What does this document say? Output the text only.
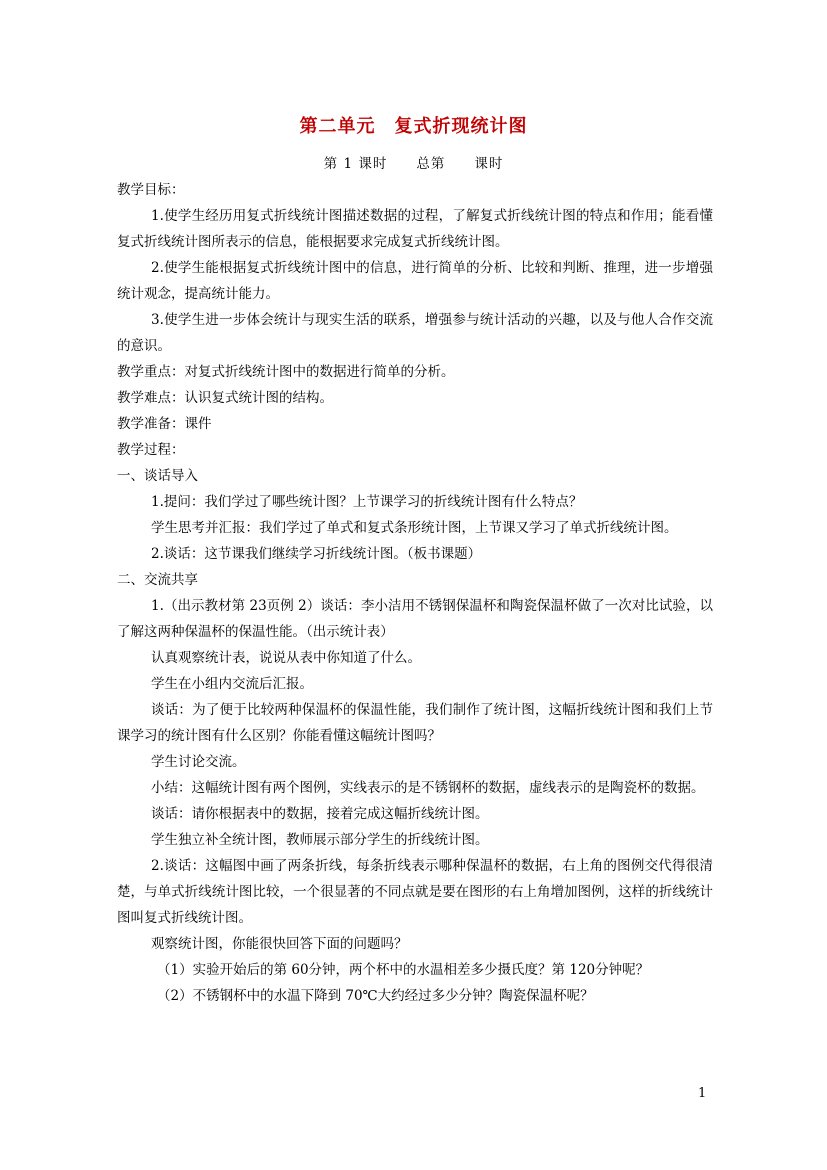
第二单元　复式折现统计图
第 1 课时　　总第　　课时

教学目标：

1.使学生经历用复式折线统计图描述数据的过程，了解复式折线统计图的特点和作用；能看懂复式折线统计图所表示的信息，能根据要求完成复式折线统计图。

2.使学生能根据复式折线统计图中的信息，进行简单的分析、比较和判断、推理，进一步增强统计观念，提高统计能力。

3.使学生进一步体会统计与现实生活的联系，增强参与统计活动的兴趣，以及与他人合作交流的意识。

教学重点：对复式折线统计图中的数据进行简单的分析。

教学难点：认识复式统计图的结构。

教学准备：课件

教学过程：

一、谈话导入

1.提问：我们学过了哪些统计图？上节课学习的折线统计图有什么特点？

学生思考并汇报：我们学过了单式和复式条形统计图，上节课又学习了单式折线统计图。

2.谈话：这节课我们继续学习折线统计图。（板书课题）

二、交流共享

1.（出示教材第 23页例 2）谈话：李小洁用不锈钢保温杯和陶瓷保温杯做了一次对比试验，以了解这两种保温杯的保温性能。（出示统计表）

认真观察统计表，说说从表中你知道了什么。

学生在小组内交流后汇报。

谈话：为了便于比较两种保温杯的保温性能，我们制作了统计图，这幅折线统计图和我们上节课学习的统计图有什么区别？你能看懂这幅统计图吗？

学生讨论交流。

小结：这幅统计图有两个图例，实线表示的是不锈钢杯的数据，虚线表示的是陶瓷杯的数据。

谈话：请你根据表中的数据，接着完成这幅折线统计图。

学生独立补全统计图，教师展示部分学生的折线统计图。

2.谈话：这幅图中画了两条折线，每条折线表示哪种保温杯的数据，右上角的图例交代得很清楚，与单式折线统计图比较，一个很显著的不同点就是要在图形的右上角增加图例，这样的折线统计图叫复式折线统计图。

观察统计图，你能很快回答下面的问题吗？

（1）实验开始后的第 60分钟，两个杯中的水温相差多少摄氏度？第 120分钟呢？

（2）不锈钢杯中的水温下降到 70℃大约经过多少分钟？陶瓷保温杯呢？

1
